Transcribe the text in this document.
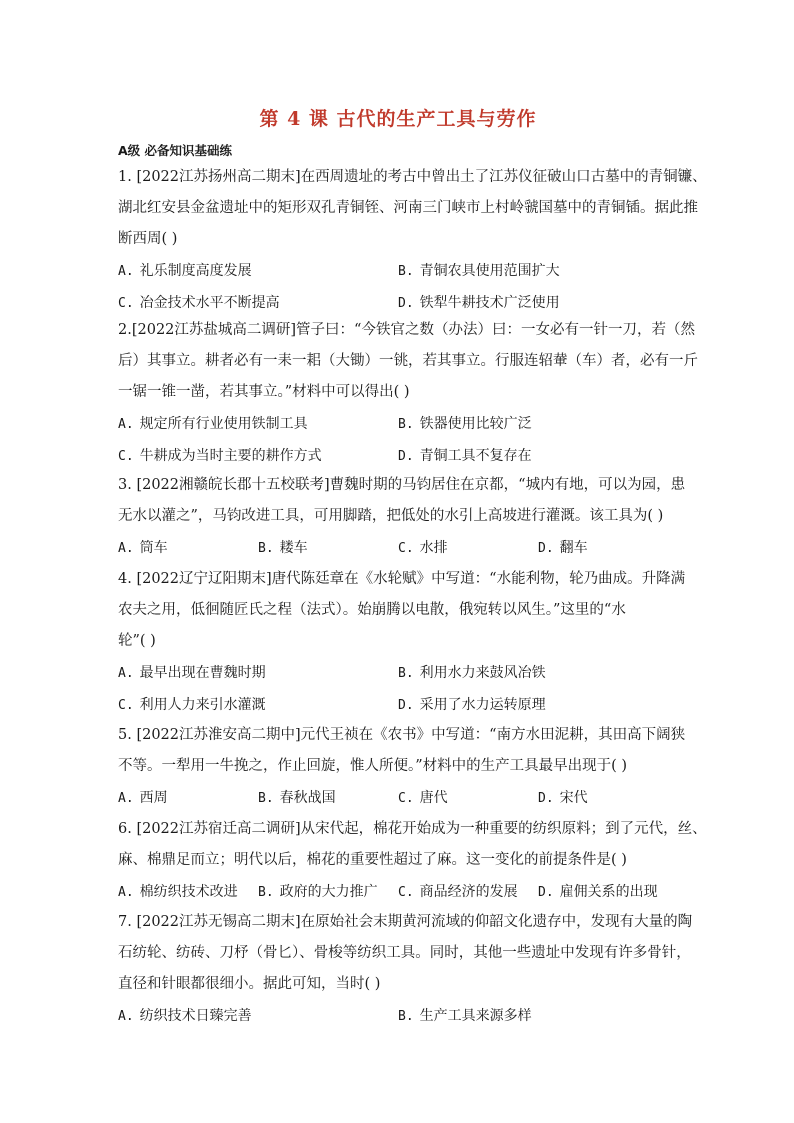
第 4 课 古代的生产工具与劳作
A级 必备知识基础练
1. [2022江苏扬州高二期末]在西周遗址的考古中曾出土了江苏仪征破山口古墓中的青铜镰、
湖北红安县金盆遗址中的矩形双孔青铜铚、河南三门峡市上村岭虢国墓中的青铜锸。据此推
断西周( )
A. 礼乐制度高度发展	B. 青铜农具使用范围扩大
C. 冶金技术水平不断提高	D. 铁犁牛耕技术广泛使用
2.[2022江苏盐城高二调研]管子曰：“今铁官之数（办法）曰：一女必有一针一刀，若（然
后）其事立。耕者必有一耒一耜（大锄）一铫，若其事立。行服连轺輂（车）者，必有一斤
一锯一锥一凿，若其事立。”材料中可以得出( )
A. 规定所有行业使用铁制工具	B. 铁器使用比较广泛
C. 牛耕成为当时主要的耕作方式	D. 青铜工具不复存在
3. [2022湘赣皖长郡十五校联考]曹魏时期的马钧居住在京都，“城内有地，可以为园，患
无水以灌之”，马钧改进工具，可用脚踏，把低处的水引上高坡进行灌溉。该工具为( )
A. 筒车	B. 耧车	C. 水排	D. 翻车
4. [2022辽宁辽阳期末]唐代陈廷章在《水轮赋》中写道：“水能利物，轮乃曲成。升降满
农夫之用，低徊随匠氏之程（法式）。始崩腾以电散，俄宛转以风生。”这里的“水
轮”( )
A. 最早出现在曹魏时期	B. 利用水力来鼓风冶铁
C. 利用人力来引水灌溉	D. 采用了水力运转原理
5. [2022江苏淮安高二期中]元代王祯在《农书》中写道：“南方水田泥耕，其田高下阔狭
不等。一犁用一牛挽之，作止回旋，惟人所便。”材料中的生产工具最早出现于( )
A. 西周	B. 春秋战国	C. 唐代	D. 宋代
6. [2022江苏宿迁高二调研]从宋代起，棉花开始成为一种重要的纺织原料；到了元代，丝、
麻、棉鼎足而立；明代以后，棉花的重要性超过了麻。这一变化的前提条件是( )
A. 棉纺织技术改进	B. 政府的大力推广	C. 商品经济的发展	D. 雇佣关系的出现
7. [2022江苏无锡高二期末]在原始社会末期黄河流域的仰韶文化遗存中，发现有大量的陶
石纺轮、纺砖、刀杼（骨匕）、骨梭等纺织工具。同时，其他一些遗址中发现有许多骨针，
直径和针眼都很细小。据此可知，当时( )
A. 纺织技术日臻完善	B. 生产工具来源多样
